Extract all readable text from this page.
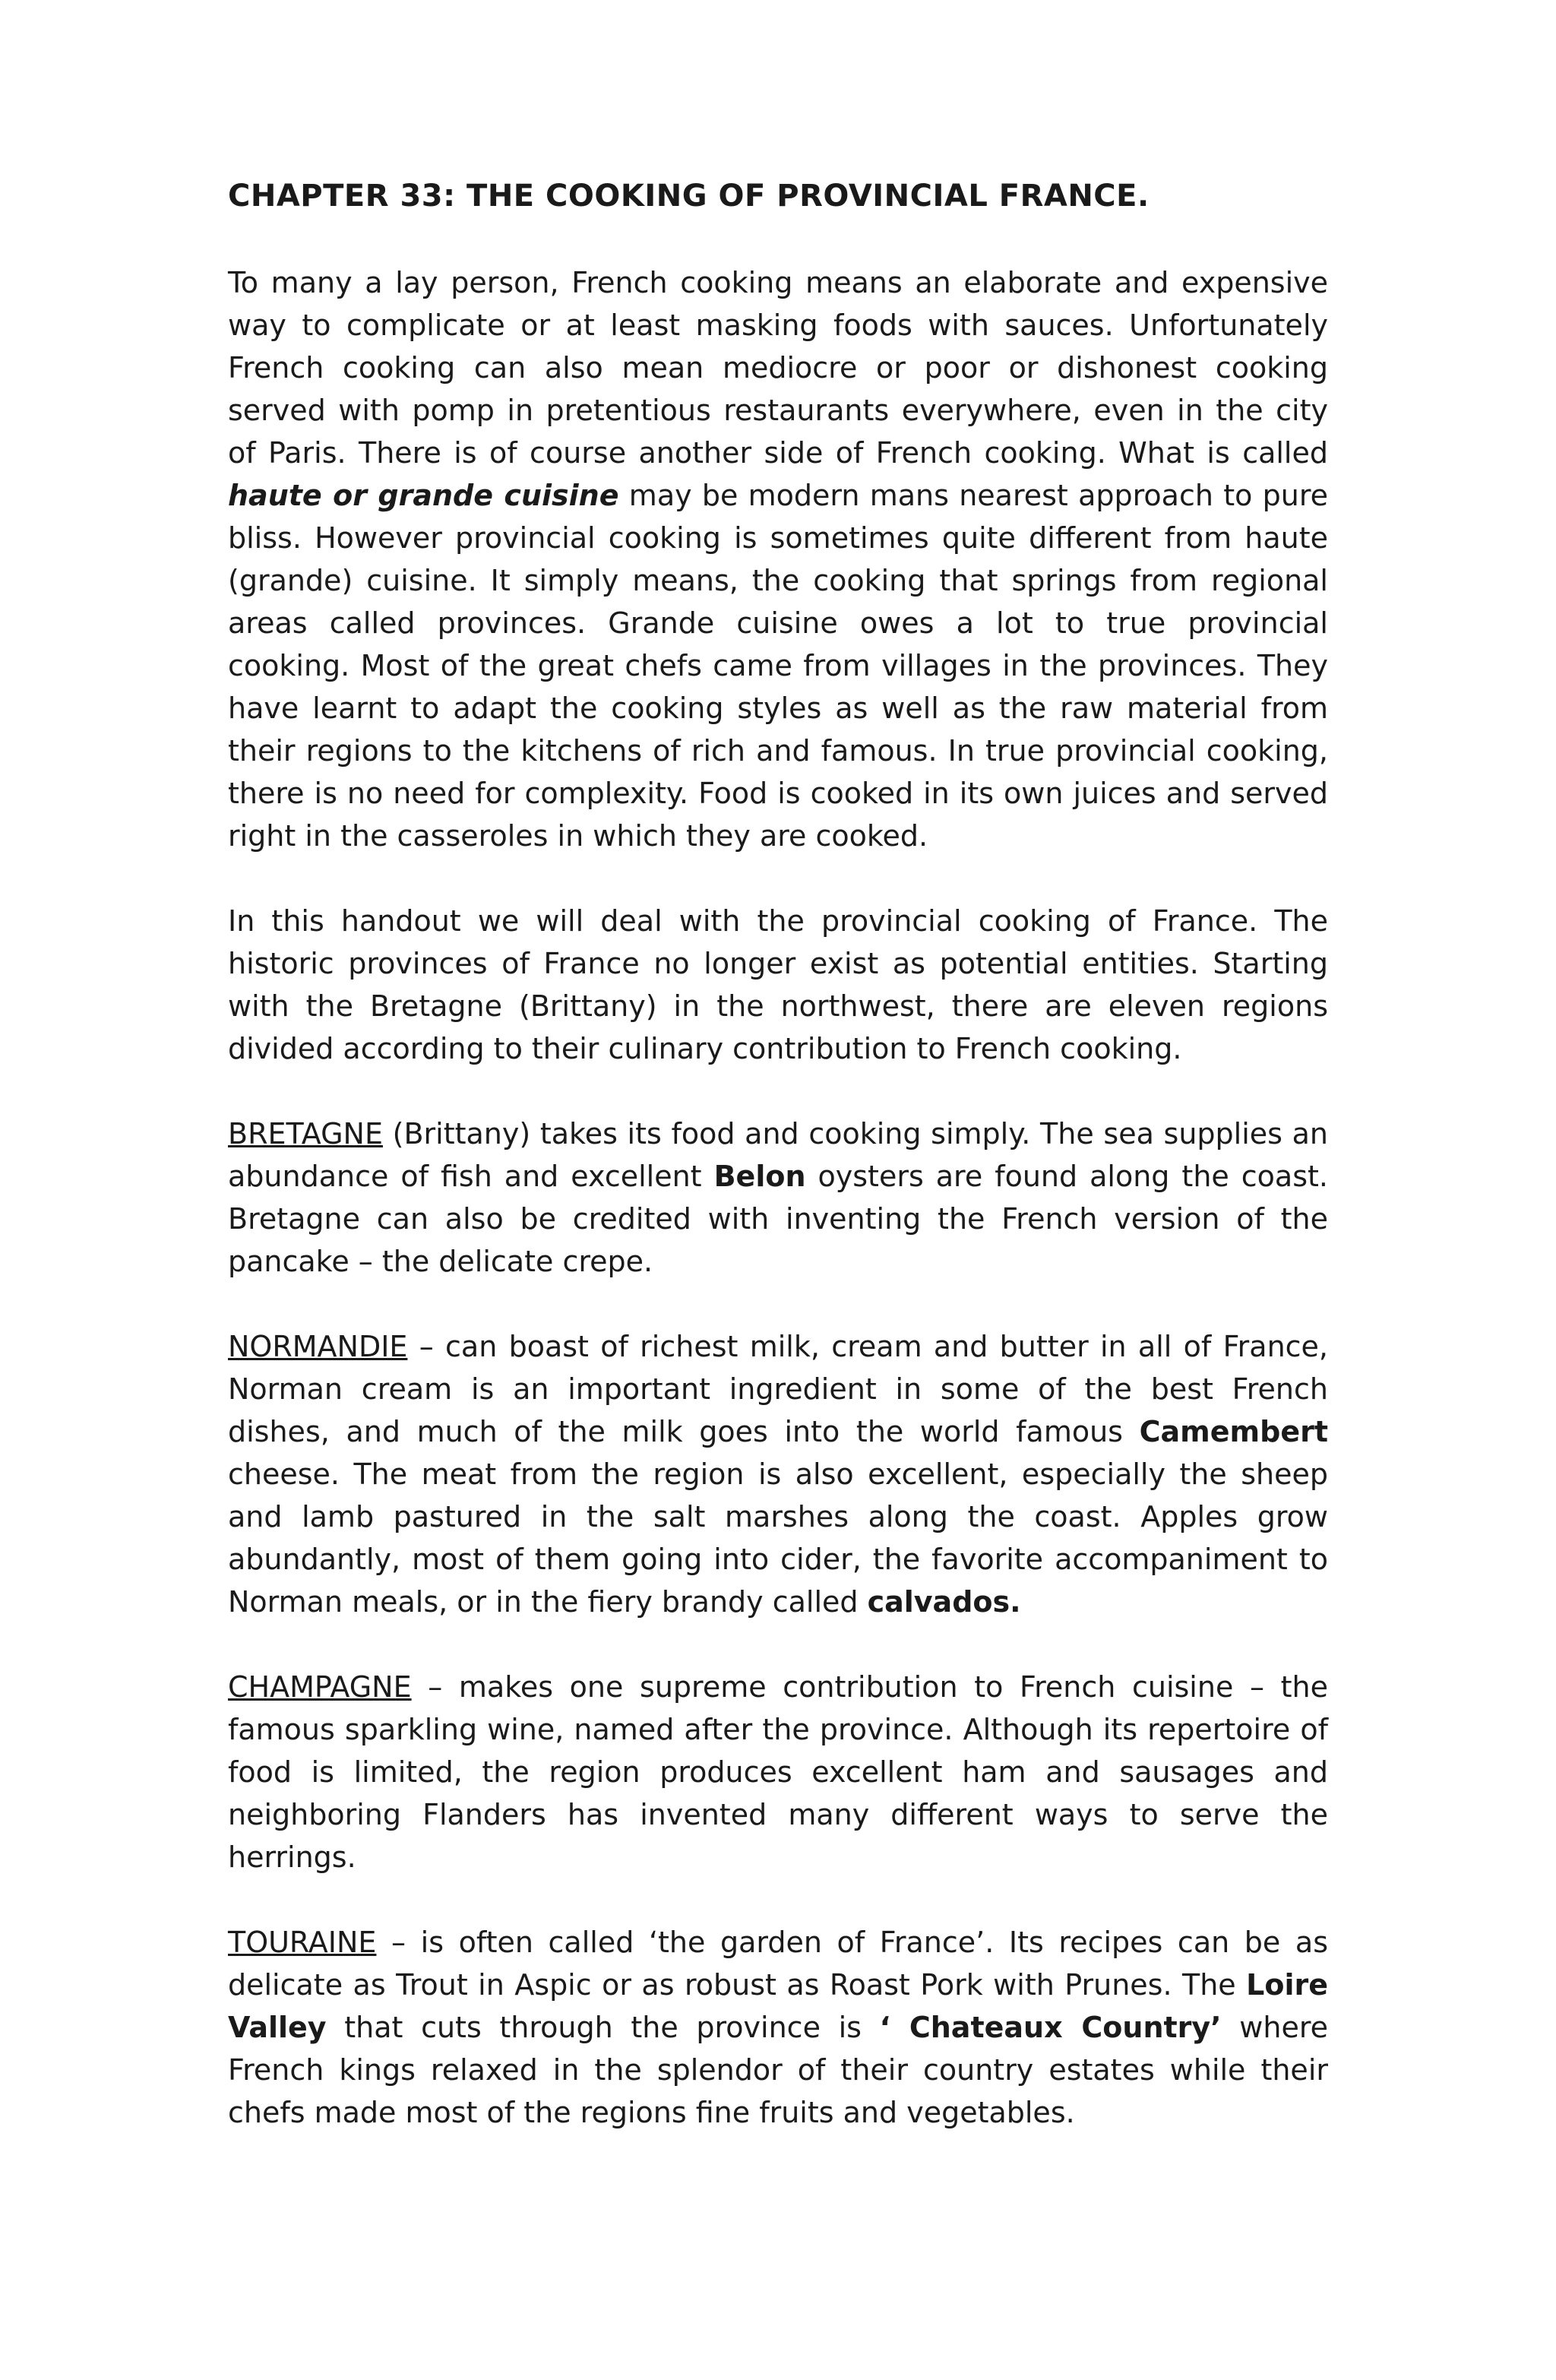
CHAPTER 33: THE COOKING OF PROVINCIAL FRANCE.

To many a lay person, French cooking means an elaborate and expensive way to complicate or at least masking foods with sauces. Unfortunately French cooking can also mean mediocre or poor or dishonest cooking served with pomp in pretentious restaurants everywhere, even in the city of Paris. There is of course another side of French cooking. What is called haute or grande cuisine may be modern mans nearest approach to pure bliss. However provincial cooking is sometimes quite different from haute (grande) cuisine. It simply means, the cooking that springs from regional areas called provinces. Grande cuisine owes a lot to true provincial cooking. Most of the great chefs came from villages in the provinces. They have learnt to adapt the cooking styles as well as the raw material from their regions to the kitchens of rich and famous. In true provincial cooking, there is no need for complexity. Food is cooked in its own juices and served right in the casseroles in which they are cooked.

In this handout we will deal with the provincial cooking of France. The historic provinces of France no longer exist as potential entities. Starting with the Bretagne (Brittany) in the northwest, there are eleven regions divided according to their culinary contribution to French cooking.

BRETAGNE (Brittany) takes its food and cooking simply. The sea supplies an abundance of fish and excellent Belon oysters are found along the coast. Bretagne can also be credited with inventing the French version of the pancake – the delicate crepe.

NORMANDIE – can boast of richest milk, cream and butter in all of France, Norman cream is an important ingredient in some of the best French dishes, and much of the milk goes into the world famous Camembert cheese. The meat from the region is also excellent, especially the sheep and lamb pastured in the salt marshes along the coast. Apples grow abundantly, most of them going into cider, the favorite accompaniment to Norman meals, or in the fiery brandy called calvados.

CHAMPAGNE – makes one supreme contribution to French cuisine – the famous sparkling wine, named after the province. Although its repertoire of food is limited, the region produces excellent ham and sausages and neighboring Flanders has invented many different ways to serve the herrings.

TOURAINE – is often called ‘the garden of France’. Its recipes can be as delicate as Trout in Aspic or as robust as Roast Pork with Prunes. The Loire Valley that cuts through the province is ‘ Chateaux Country’ where French kings relaxed in the splendor of their country estates while their chefs made most of the regions fine fruits and vegetables.
